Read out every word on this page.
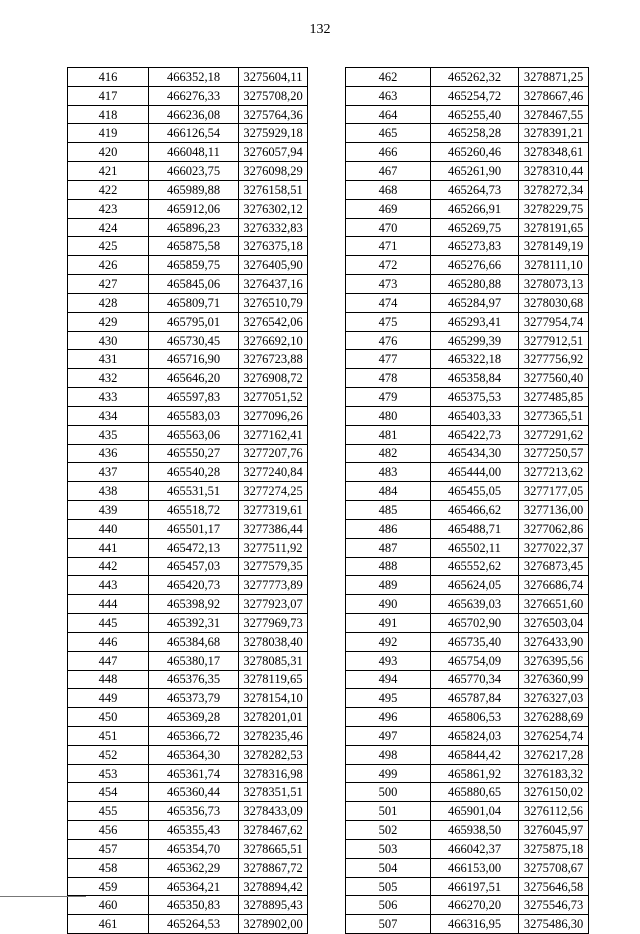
132
416	466352,18	3275604,11
417	466276,33	3275708,20
418	466236,08	3275764,36
419	466126,54	3275929,18
420	466048,11	3276057,94
421	466023,75	3276098,29
422	465989,88	3276158,51
423	465912,06	3276302,12
424	465896,23	3276332,83
425	465875,58	3276375,18
426	465859,75	3276405,90
427	465845,06	3276437,16
428	465809,71	3276510,79
429	465795,01	3276542,06
430	465730,45	3276692,10
431	465716,90	3276723,88
432	465646,20	3276908,72
433	465597,83	3277051,52
434	465583,03	3277096,26
435	465563,06	3277162,41
436	465550,27	3277207,76
437	465540,28	3277240,84
438	465531,51	3277274,25
439	465518,72	3277319,61
440	465501,17	3277386,44
441	465472,13	3277511,92
442	465457,03	3277579,35
443	465420,73	3277773,89
444	465398,92	3277923,07
445	465392,31	3277969,73
446	465384,68	3278038,40
447	465380,17	3278085,31
448	465376,35	3278119,65
449	465373,79	3278154,10
450	465369,28	3278201,01
451	465366,72	3278235,46
452	465364,30	3278282,53
453	465361,74	3278316,98
454	465360,44	3278351,51
455	465356,73	3278433,09
456	465355,43	3278467,62
457	465354,70	3278665,51
458	465362,29	3278867,72
459	465364,21	3278894,42
460	465350,83	3278895,43
461	465264,53	3278902,00
462	465262,32	3278871,25
463	465254,72	3278667,46
464	465255,40	3278467,55
465	465258,28	3278391,21
466	465260,46	3278348,61
467	465261,90	3278310,44
468	465264,73	3278272,34
469	465266,91	3278229,75
470	465269,75	3278191,65
471	465273,83	3278149,19
472	465276,66	3278111,10
473	465280,88	3278073,13
474	465284,97	3278030,68
475	465293,41	3277954,74
476	465299,39	3277912,51
477	465322,18	3277756,92
478	465358,84	3277560,40
479	465375,53	3277485,85
480	465403,33	3277365,51
481	465422,73	3277291,62
482	465434,30	3277250,57
483	465444,00	3277213,62
484	465455,05	3277177,05
485	465466,62	3277136,00
486	465488,71	3277062,86
487	465502,11	3277022,37
488	465552,62	3276873,45
489	465624,05	3276686,74
490	465639,03	3276651,60
491	465702,90	3276503,04
492	465735,40	3276433,90
493	465754,09	3276395,56
494	465770,34	3276360,99
495	465787,84	3276327,03
496	465806,53	3276288,69
497	465824,03	3276254,74
498	465844,42	3276217,28
499	465861,92	3276183,32
500	465880,65	3276150,02
501	465901,04	3276112,56
502	465938,50	3276045,97
503	466042,37	3275875,18
504	466153,00	3275708,67
505	466197,51	3275646,58
506	466270,20	3275546,73
507	466316,95	3275486,30
